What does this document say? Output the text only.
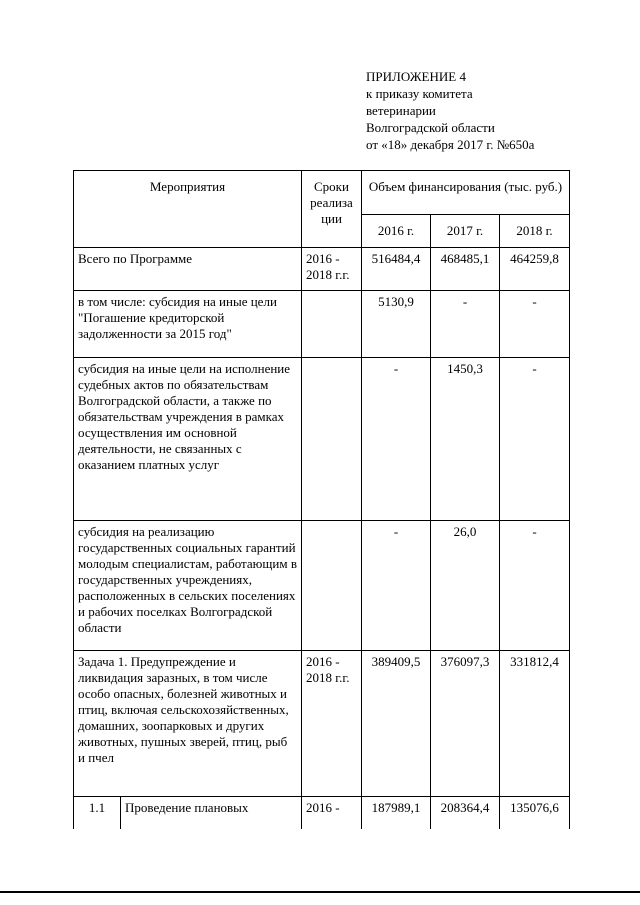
ПРИЛОЖЕНИЕ 4
к приказу комитета
ветеринарии
Волгоградской области
от «18» декабря 2017 г. №650а
Мероприятия		Сроки реализа ции	Объем финансирования (тыс. руб.)		
			2016 г.	2017 г.	2018 г.
Всего по Программе		2016 - 2018 г.г.	516484,4	468485,1	464259,8
в том числе: субсидия на иные цели "Погашение кредиторской задолженности за 2015 год"			5130,9	-	-
субсидия на иные цели на исполнение судебных актов по обязательствам Волгоградской области, а также по обязательствам учреждения в рамках осуществления им основной деятельности, не связанных с оказанием платных услуг			-	1450,3	-
субсидия на реализацию государственных социальных гарантий молодым специалистам, работающим в государственных учреждениях, расположенных в сельских поселениях и рабочих поселках Волгоградской области			-	26,0	-
Задача 1. Предупреждение и ликвидация заразных, в том числе особо опасных, болезней животных и птиц, включая сельскохозяйственных, домашних, зоопарковых и других животных, пушных зверей, птиц, рыб и пчел		2016 - 2018 г.г.	389409,5	376097,3	331812,4
1.1	Проведение плановых	2016 -	187989,1	208364,4	135076,6
